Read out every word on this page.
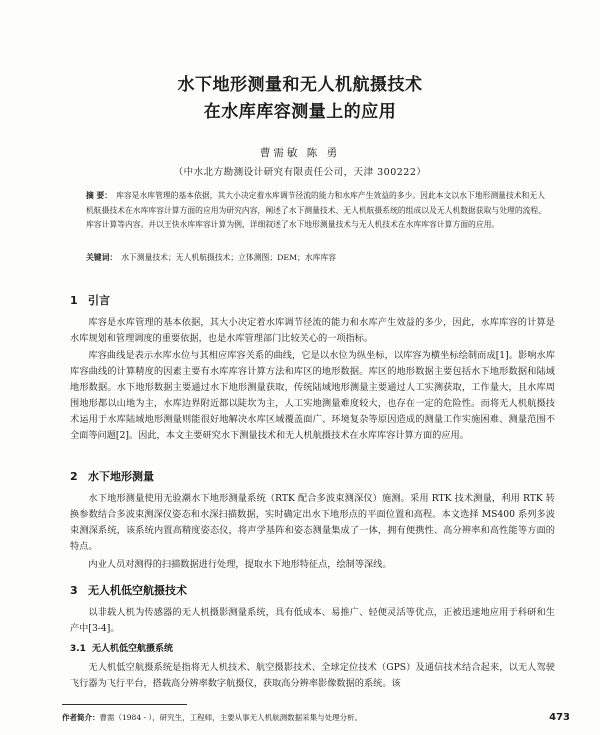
水下地形测量和无人机航摄技术
在水库库容测量上的应用
曹需敏 陈 勇
（中水北方勘测设计研究有限责任公司，天津 300222）
摘 要： 库容是水库管理的基本依据，其大小决定着水库调节径流的能力和水库产生效益的多少。因此本文以水下地形测量技术和无人机航摄技术在水库库容计算方面的应用为研究内容，阐述了水下测量技术、无人机航摄系统的组成以及无人机数据获取与处理的流程、库容计算等内容。并以王快水库库容计算为例，详细叙述了水下地形测量技术与无人机技术在水库库容计算方面的应用。
关键词： 水下测量技术；无人机航摄技术；立体测图；DEM；水库库容
1 引言

库容是水库管理的基本依据，其大小决定着水库调节径流的能力和水库产生效益的多少，因此，水库库容的计算是水库规划和管理调度的重要依据，也是水库管理部门比较关心的一项指标。

库容曲线是表示水库水位与其相应库容关系的曲线，它是以水位为纵坐标，以库容为横坐标绘制而成[1]。影响水库库容曲线的计算精度的因素主要有水库库容计算方法和库区的地形数据。库区的地形数据主要包括水下地形数据和陆域地形数据。水下地形数据主要通过水下地形测量获取，传统陆域地形测量主要通过人工实测获取，工作量大，且水库周围地形都以山地为主，水库边界附近都以陡坎为主，人工实地测量难度较大，也存在一定的危险性。而将无人机航摄技术运用于水库陆域地形测量则能很好地解决水库区域覆盖面广、环境复杂等原因造成的测量工作实施困难、测量范围不全面等问题[2]。因此，本文主要研究水下测量技术和无人机航摄技术在水库库容计算方面的应用。

2 水下地形测量

水下地形测量使用无验潮水下地形测量系统（RTK 配合多波束测深仪）施测。采用 RTK 技术测量，利用 RTK 转换参数结合多波束测深仪姿态和水深扫描数据，实时确定出水下地形点的平面位置和高程。本文选择 MS400 系列多波束测深系统，该系统内置高精度姿态仪，将声学基阵和姿态测量集成了一体，拥有便携性、高分辨率和高性能等方面的特点。

内业人员对测得的扫描数据进行处理，提取水下地形特征点，绘制等深线。

3 无人机低空航摄技术

以非载人机为传感器的无人机摄影测量系统，具有低成本、易推广、轻便灵活等优点，正被迅速地应用于科研和生产中[3-4]。

3.1 无人机低空航摄系统

无人机低空航摄系统是指将无人机技术、航空摄影技术、全球定位技术（GPS）及通信技术结合起来，以无人驾驶飞行器为飞行平台，搭载高分辨率数字航摄仪，获取高分辨率影像数据的系统。该

作者简介：曹需（1984 - ），研究生，工程师，主要从事无人机航测数据采集与处理分析。	473
